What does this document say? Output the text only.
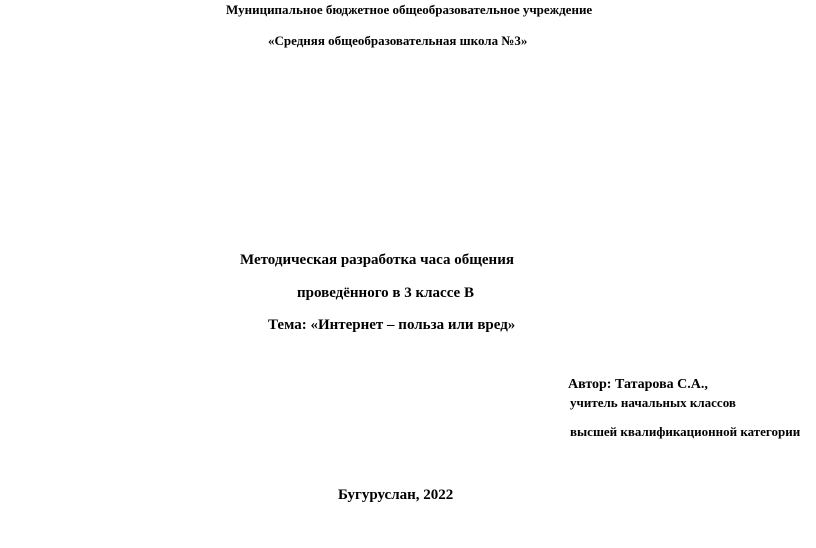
Муниципальное бюджетное общеобразовательное учреждение
«Средняя общеобразовательная школа №3»
Методическая разработка часа общения
проведённого в 3 классе В
Тема: «Интернет – польза или вред»
Автор: Татарова С.А.,
учитель начальных классов
высшей квалификационной категории
Бугуруслан, 2022
